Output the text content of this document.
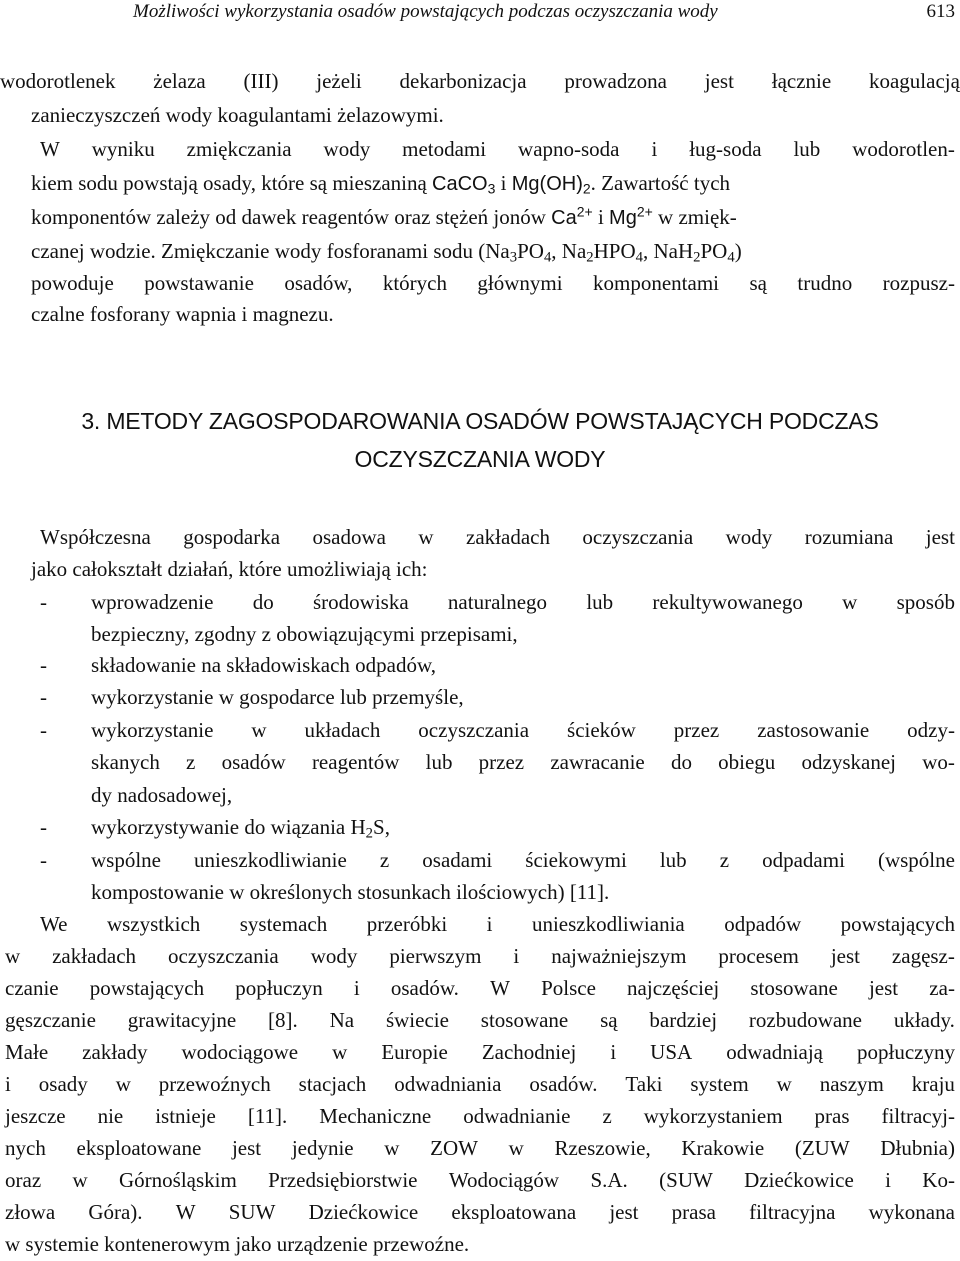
Możliwości wykorzystania osadów powstających podczas oczyszczania wody	613
wodorotlenek żelaza (III) jeżeli dekarbonizacja prowadzona jest łącznie koagulacją
zanieczyszczeń wody koagulantami żelazowymi.
W wyniku zmiękczania wody metodami wapno-soda i ług-soda lub wodorotlen-
kiem sodu powstają osady, które są mieszaniną CaCO$_3$ i $Mg(OH)_2$. Zawartość tych
komponentów zależy od dawek reagentów oraz stężeń jonów $Ca^{2+}$ i $Mg^{2+}$ w zmięk-
czanej wodzie. Zmiękczanie wody fosforanami sodu ($Na_3PO_4$, $Na_2HPO_4$, $NaH_2PO_4$)
powoduje powstawanie osadów, których głównymi komponentami są trudno rozpusz-
czalne fosforany wapnia i magnezu.
3. METODY ZAGOSPODAROWANIA OSADÓW POWSTAJĄCYCH PODCZAS
OCZYSZCZANIA WODY
Współczesna gospodarka osadowa w zakładach oczyszczania wody rozumiana jest
jako całokształt działań, które umożliwiają ich:
-	wprowadzenie do środowiska naturalnego lub rekultywowanego w sposób
bezpieczny, zgodny z obowiązującymi przepisami,
-	składowanie na składowiskach odpadów,
-	wykorzystanie w gospodarce lub przemyśle,
-	wykorzystanie w układach oczyszczania ścieków przez zastosowanie odzy-
skanych z osadów reagentów lub przez zawracanie do obiegu odzyskanej wo-
dy nadosadowej,
-	wykorzystywanie do wiązania $H_2S$,
-	wspólne unieszkodliwianie z osadami ściekowymi lub z odpadami (wspólne
kompostowanie w określonych stosunkach ilościowych) [11].
We wszystkich systemach przeróbki i unieszkodliwiania odpadów powstających
w zakładach oczyszczania wody pierwszym i najważniejszym procesem jest zagęsz-
czanie powstających popłuczyn i osadów. W Polsce najczęściej stosowane jest za-
gęszczanie grawitacyjne [8]. Na świecie stosowane są bardziej rozbudowane układy.
Małe zakłady wodociągowe w Europie Zachodniej i USA odwadniają popłuczyny
i osady w przewoźnych stacjach odwadniania osadów. Taki system w naszym kraju
jeszcze nie istnieje [11]. Mechaniczne odwadnianie z wykorzystaniem pras filtracyj-
nych eksploatowane jest jedynie w ZOW w Rzeszowie, Krakowie (ZUW Dłubnia)
oraz w Górnośląskim Przedsiębiorstwie Wodociągów S.A. (SUW Dziećkowice i Ko-
złowa Góra). W SUW Dziećkowice eksploatowana jest prasa filtracyjna wykonana
w systemie kontenerowym jako urządzenie przewoźne.
